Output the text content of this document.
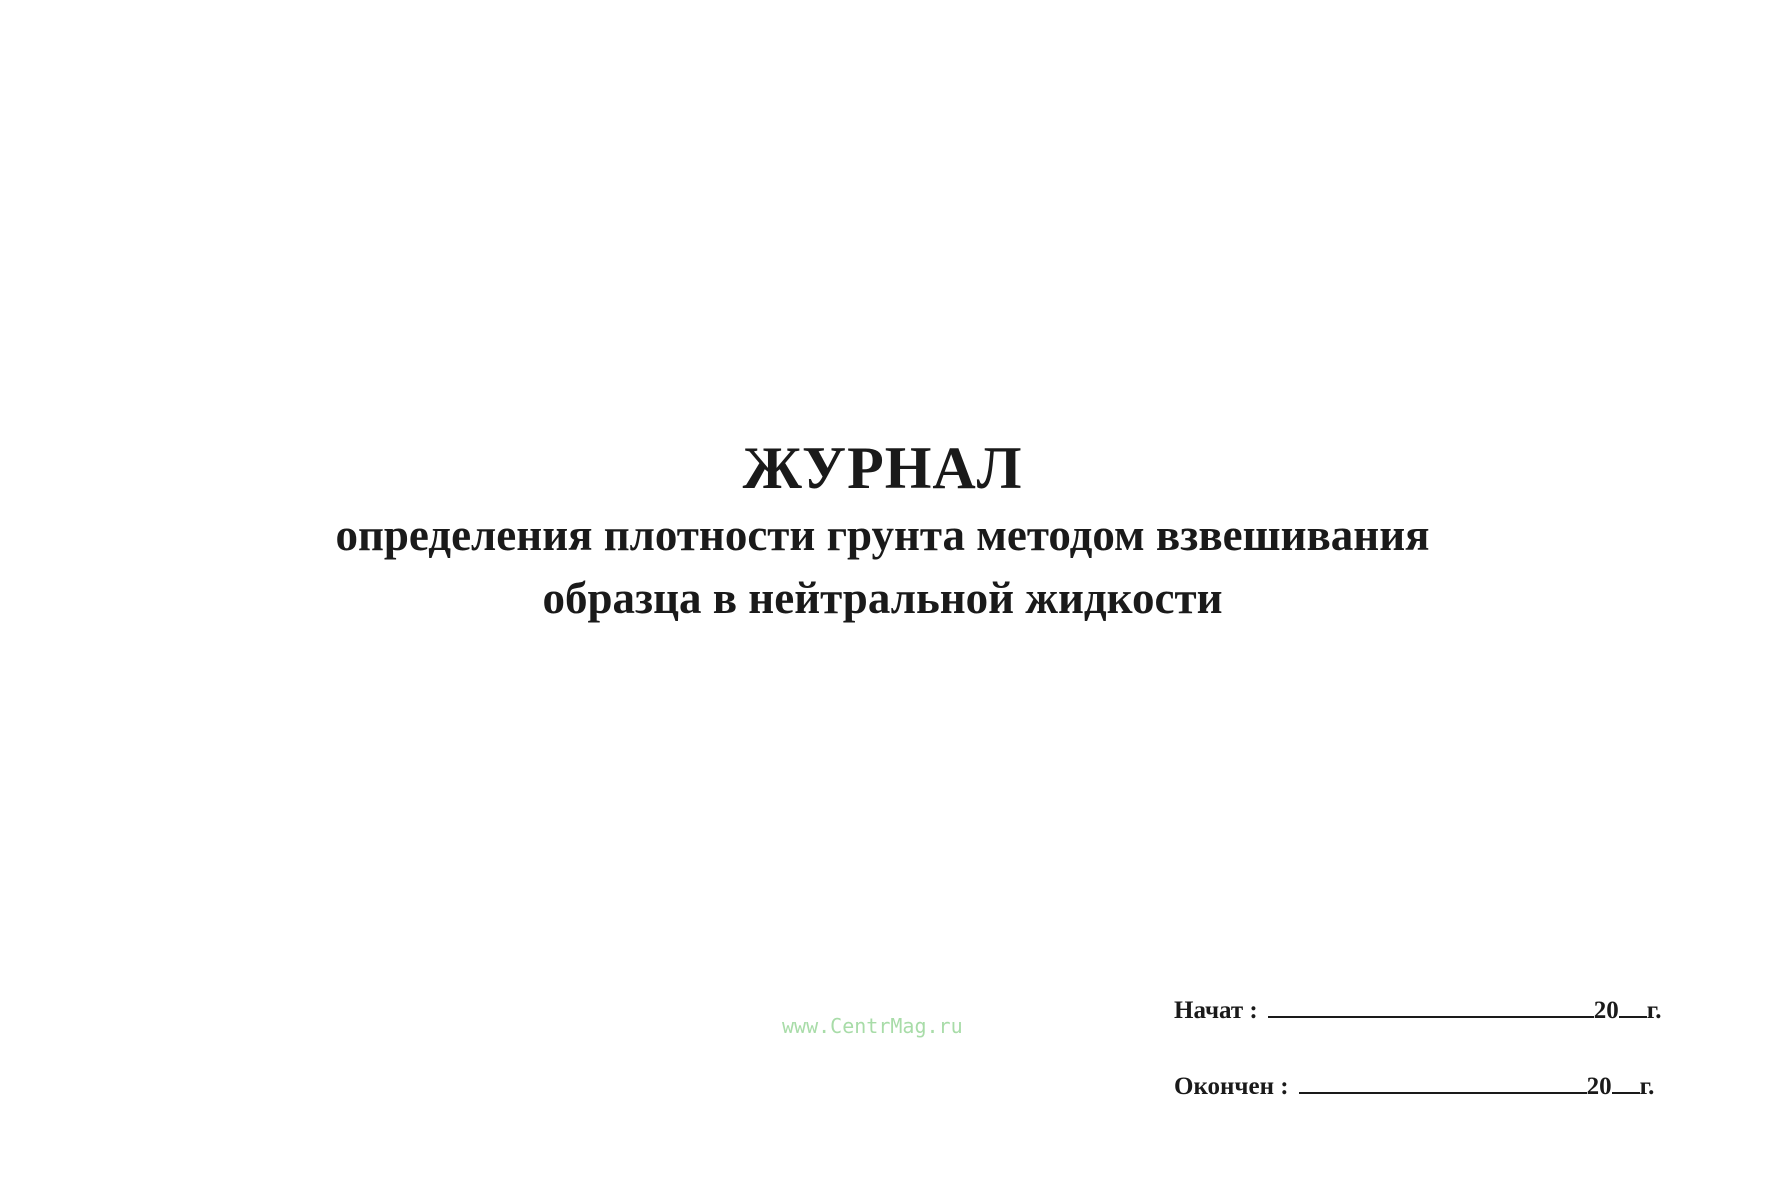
ЖУРНАЛ
определения плотности грунта методом взвешивания
образца в нейтральной жидкости
www.CentrMag.ru
Начат :	20 г.
Окончен :	20 г.
